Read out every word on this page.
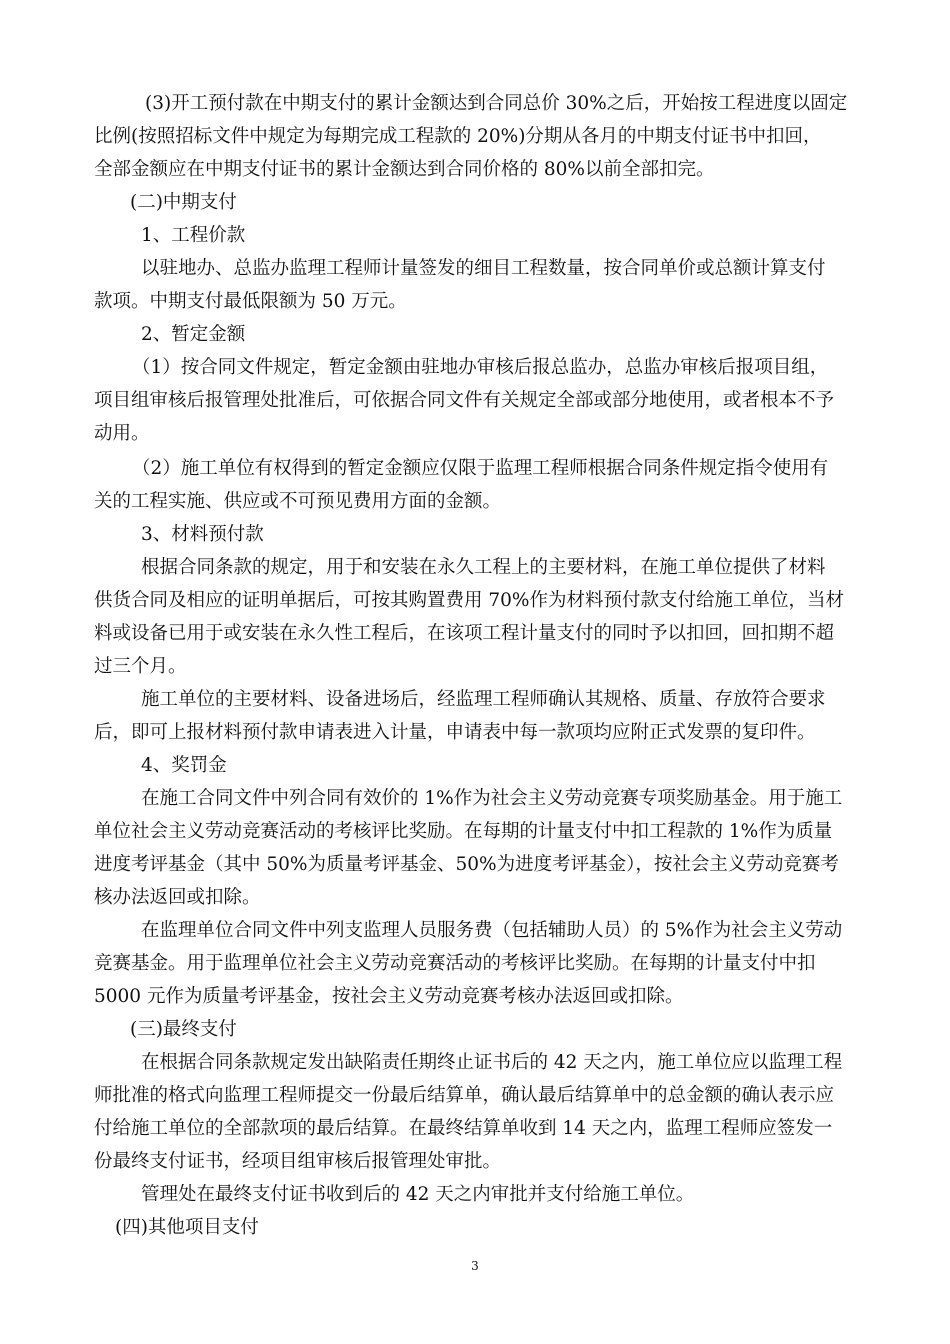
(3)开工预付款在中期支付的累计金额达到合同总价 30%之后，开始按工程进度以固定
比例(按照招标文件中规定为每期完成工程款的 20%)分期从各月的中期支付证书中扣回，
全部金额应在中期支付证书的累计金额达到合同价格的 80%以前全部扣完。
(二)中期支付
1、工程价款
以驻地办、总监办监理工程师计量签发的细目工程数量，按合同单价或总额计算支付
款项。中期支付最低限额为 50 万元。
2、暂定金额
（1）按合同文件规定，暂定金额由驻地办审核后报总监办，总监办审核后报项目组，
项目组审核后报管理处批准后，可依据合同文件有关规定全部或部分地使用，或者根本不予
动用。
（2）施工单位有权得到的暂定金额应仅限于监理工程师根据合同条件规定指令使用有
关的工程实施、供应或不可预见费用方面的金额。
3、材料预付款
根据合同条款的规定，用于和安装在永久工程上的主要材料，在施工单位提供了材料
供货合同及相应的证明单据后，可按其购置费用 70%作为材料预付款支付给施工单位，当材
料或设备已用于或安装在永久性工程后，在该项工程计量支付的同时予以扣回，回扣期不超
过三个月。
施工单位的主要材料、设备进场后，经监理工程师确认其规格、质量、存放符合要求
后，即可上报材料预付款申请表进入计量，申请表中每一款项均应附正式发票的复印件。
4、奖罚金
在施工合同文件中列合同有效价的 1%作为社会主义劳动竞赛专项奖励基金。用于施工
单位社会主义劳动竞赛活动的考核评比奖励。在每期的计量支付中扣工程款的 1%作为质量
进度考评基金（其中 50%为质量考评基金、50%为进度考评基金），按社会主义劳动竞赛考
核办法返回或扣除。
在监理单位合同文件中列支监理人员服务费（包括辅助人员）的 5%作为社会主义劳动
竞赛基金。用于监理单位社会主义劳动竞赛活动的考核评比奖励。在每期的计量支付中扣
5000 元作为质量考评基金，按社会主义劳动竞赛考核办法返回或扣除。
(三)最终支付
在根据合同条款规定发出缺陷责任期终止证书后的 42 天之内，施工单位应以监理工程
师批准的格式向监理工程师提交一份最后结算单，确认最后结算单中的总金额的确认表示应
付给施工单位的全部款项的最后结算。在最终结算单收到 14 天之内，监理工程师应签发一
份最终支付证书，经项目组审核后报管理处审批。
管理处在最终支付证书收到后的 42 天之内审批并支付给施工单位。
(四)其他项目支付
3
